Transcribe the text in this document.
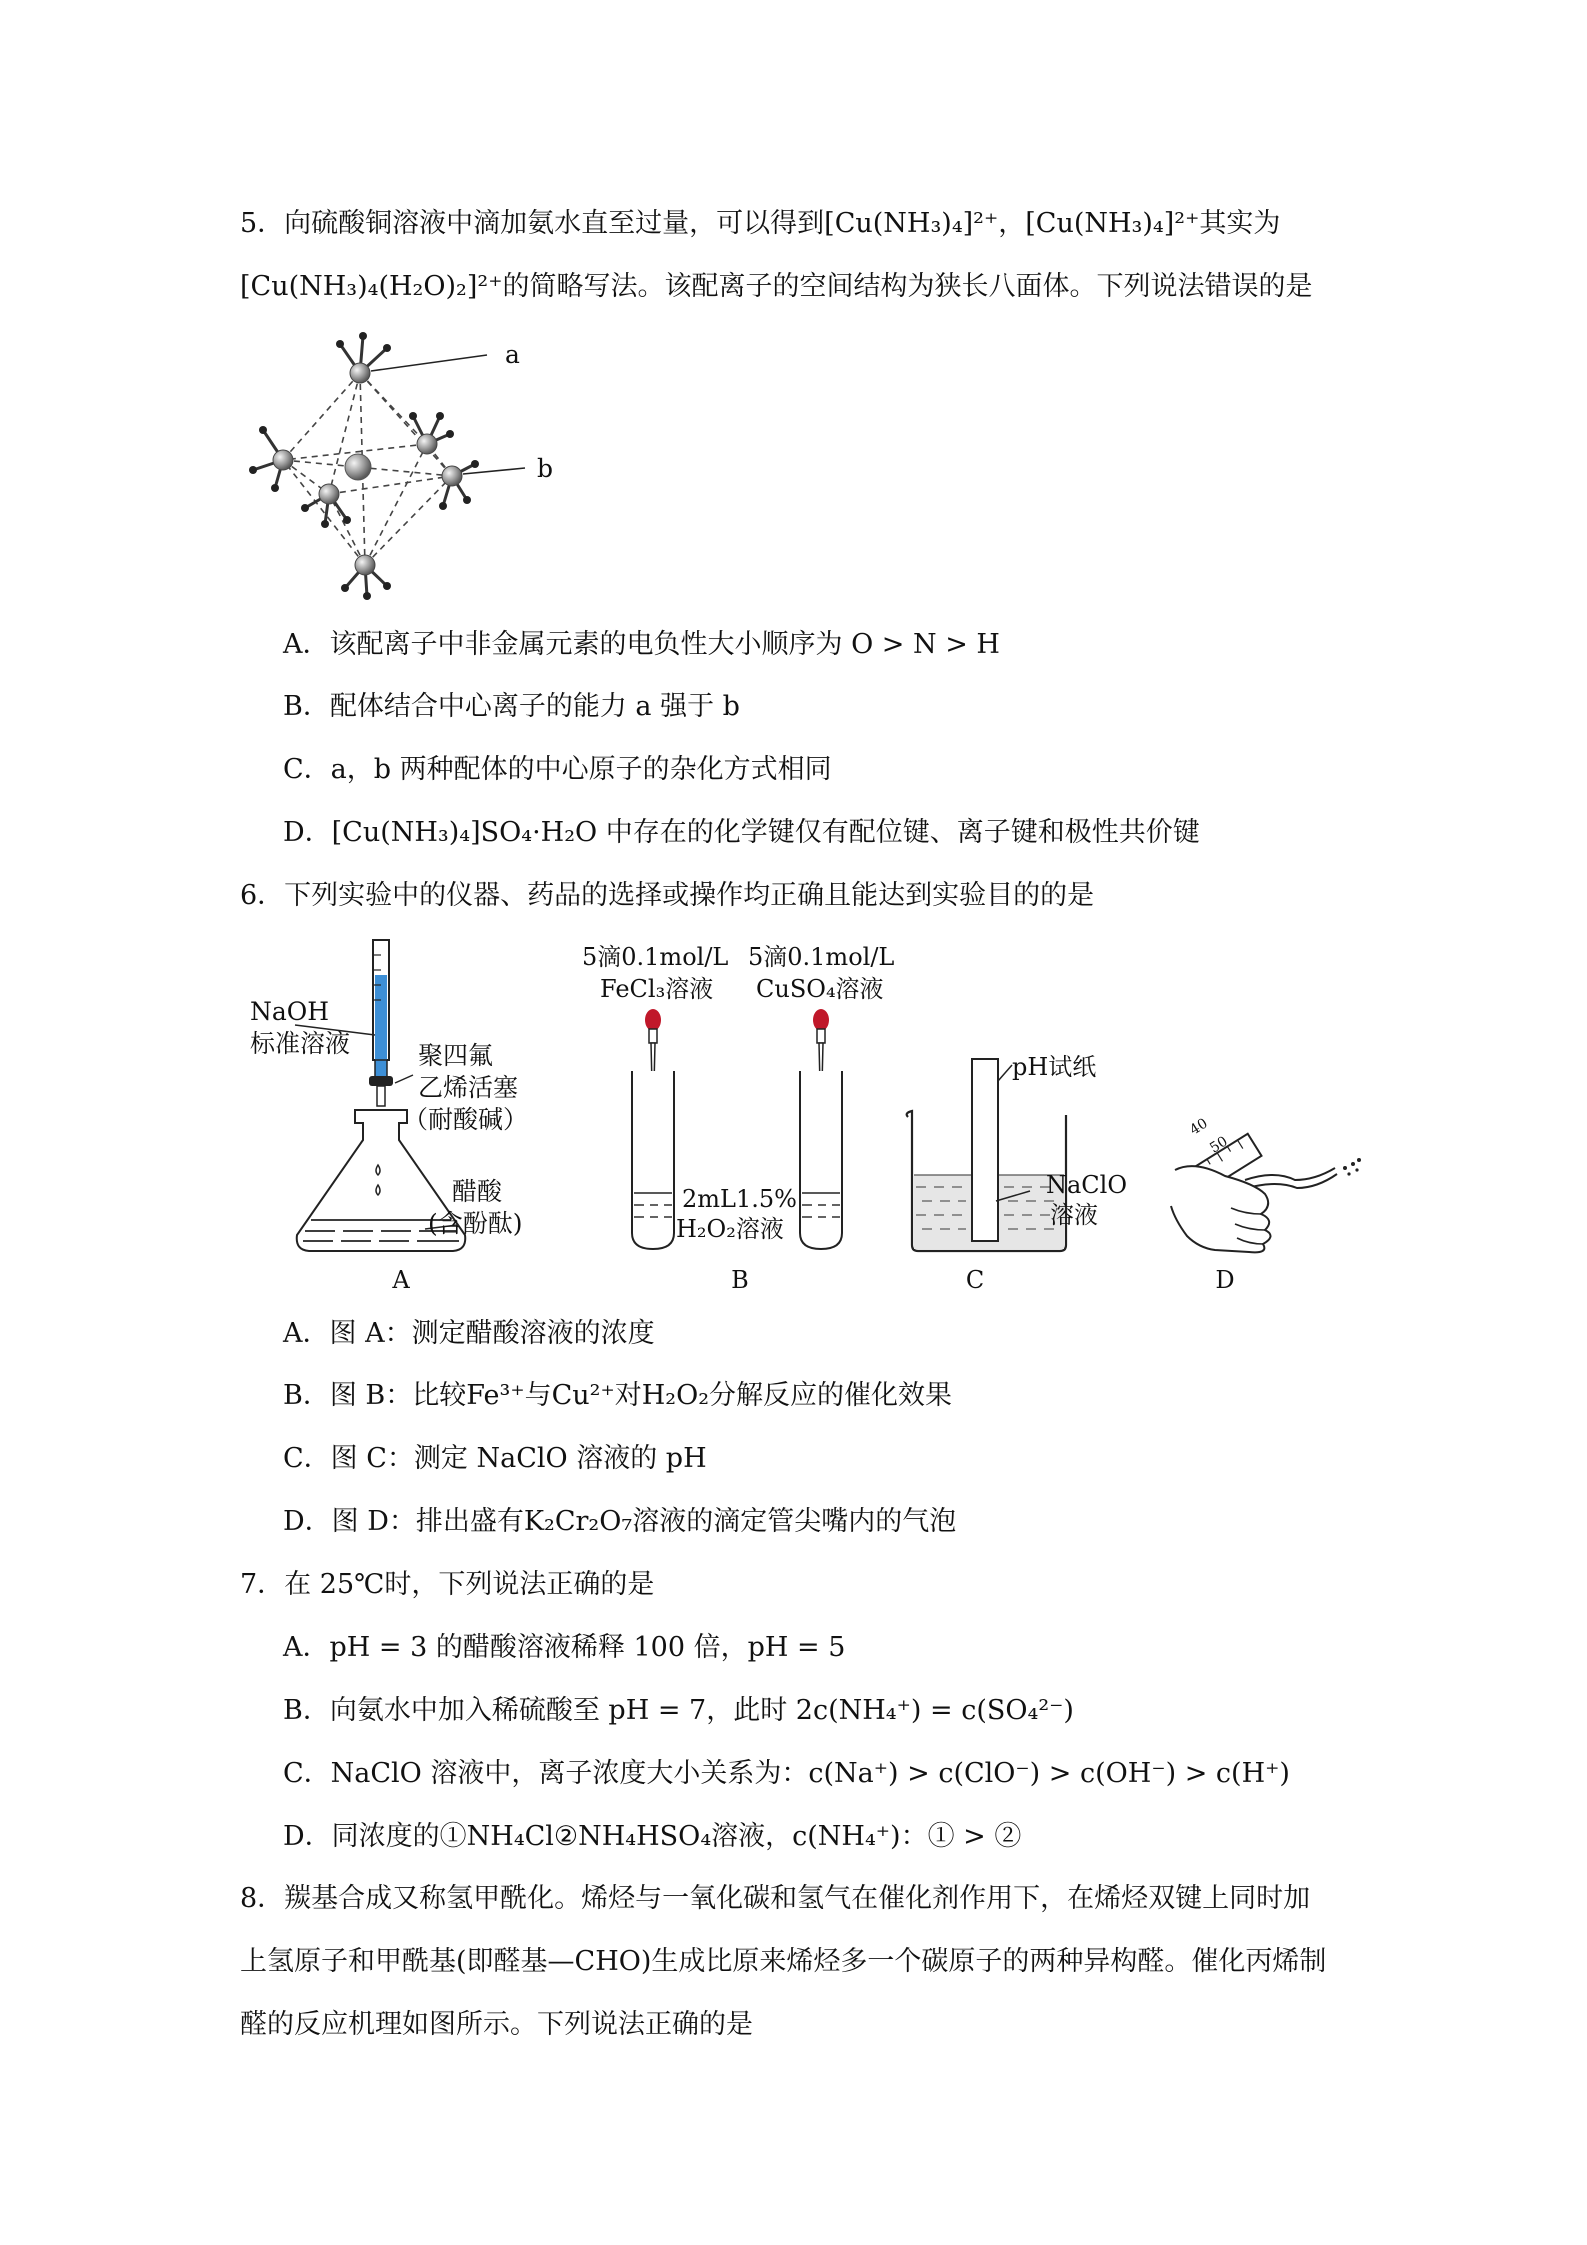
5．向硫酸铜溶液中滴加氨水直至过量，可以得到[Cu(NH₃)₄]²⁺，[Cu(NH₃)₄]²⁺其实为
[Cu(NH₃)₄(H₂O)₂]²⁺的简略写法。该配离子的空间结构为狭长八面体。下列说法错误的是
a
b
A．该配离子中非金属元素的电负性大小顺序为 O > N > H
B．配体结合中心离子的能力 a 强于 b
C．a，b 两种配体的中心原子的杂化方式相同
D．[Cu(NH₃)₄]SO₄·H₂O 中存在的化学键仅有配位键、离子键和极性共价键
6．下列实验中的仪器、药品的选择或操作均正确且能达到实验目的的是
NaOH
标准溶液	聚四氟
乙烯活塞
（耐酸碱）
醋酸
(含酚酞)
A
5滴0.1mol/L
FeCl₃溶液
5滴0.1mol/L
CuSO₄溶液
2mL1.5%
H₂O₂溶液
B
pH试纸
NaClO
溶液
C
40
50
D
A．图 A：测定醋酸溶液的浓度
B．图 B：比较Fe³⁺与Cu²⁺对H₂O₂分解反应的催化效果
C．图 C：测定 NaClO 溶液的 pH
D．图 D：排出盛有K₂Cr₂O₇溶液的滴定管尖嘴内的气泡
7．在 25℃时，下列说法正确的是
A．pH = 3 的醋酸溶液稀释 100 倍，pH = 5
B．向氨水中加入稀硫酸至 pH = 7，此时 2c(NH₄⁺) = c(SO₄²⁻)
C．NaClO 溶液中，离子浓度大小关系为：c(Na⁺) > c(ClO⁻) > c(OH⁻) > c(H⁺)
D．同浓度的①NH₄Cl②NH₄HSO₄溶液，c(NH₄⁺)：① > ②
8．羰基合成又称氢甲酰化。烯烃与一氧化碳和氢气在催化剂作用下，在烯烃双键上同时加
上氢原子和甲酰基(即醛基—CHO)生成比原来烯烃多一个碳原子的两种异构醛。催化丙烯制
醛的反应机理如图所示。下列说法正确的是
